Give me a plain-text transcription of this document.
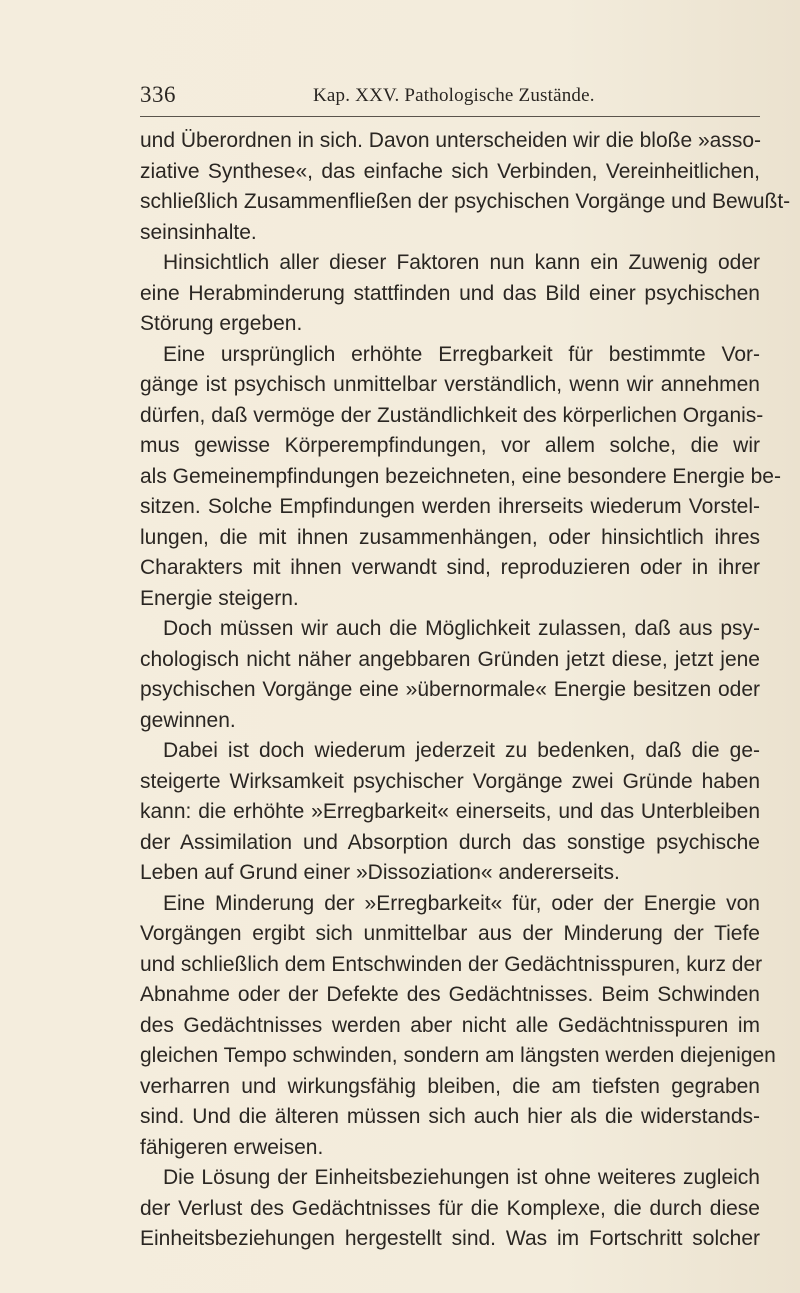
336	Kap. XXV. Pathologische Zustände.
und Überordnen in sich. Davon unterscheiden wir die bloße »asso-
ziative Synthese«, das einfache sich Verbinden, Vereinheitlichen,
schließlich Zusammenfließen der psychischen Vorgänge und Bewußt-
seinsinhalte.
Hinsichtlich aller dieser Faktoren nun kann ein Zuwenig oder
eine Herabminderung stattfinden und das Bild einer psychischen
Störung ergeben.
Eine ursprünglich erhöhte Erregbarkeit für bestimmte Vor-
gänge ist psychisch unmittelbar verständlich, wenn wir annehmen
dürfen, daß vermöge der Zuständlichkeit des körperlichen Organis-
mus gewisse Körperempfindungen, vor allem solche, die wir
als Gemeinempfindungen bezeichneten, eine besondere Energie be-
sitzen. Solche Empfindungen werden ihrerseits wiederum Vorstel-
lungen, die mit ihnen zusammenhängen, oder hinsichtlich ihres
Charakters mit ihnen verwandt sind, reproduzieren oder in ihrer
Energie steigern.
Doch müssen wir auch die Möglichkeit zulassen, daß aus psy-
chologisch nicht näher angebbaren Gründen jetzt diese, jetzt jene
psychischen Vorgänge eine »übernormale« Energie besitzen oder
gewinnen.
Dabei ist doch wiederum jederzeit zu bedenken, daß die ge-
steigerte Wirksamkeit psychischer Vorgänge zwei Gründe haben
kann: die erhöhte »Erregbarkeit« einerseits, und das Unterbleiben
der Assimilation und Absorption durch das sonstige psychische
Leben auf Grund einer »Dissoziation« andererseits.
Eine Minderung der »Erregbarkeit« für, oder der Energie von
Vorgängen ergibt sich unmittelbar aus der Minderung der Tiefe
und schließlich dem Entschwinden der Gedächtnisspuren, kurz der
Abnahme oder der Defekte des Gedächtnisses. Beim Schwinden
des Gedächtnisses werden aber nicht alle Gedächtnisspuren im
gleichen Tempo schwinden, sondern am längsten werden diejenigen
verharren und wirkungsfähig bleiben, die am tiefsten gegraben
sind. Und die älteren müssen sich auch hier als die widerstands-
fähigeren erweisen.
Die Lösung der Einheitsbeziehungen ist ohne weiteres zugleich
der Verlust des Gedächtnisses für die Komplexe, die durch diese
Einheitsbeziehungen hergestellt sind. Was im Fortschritt solcher
